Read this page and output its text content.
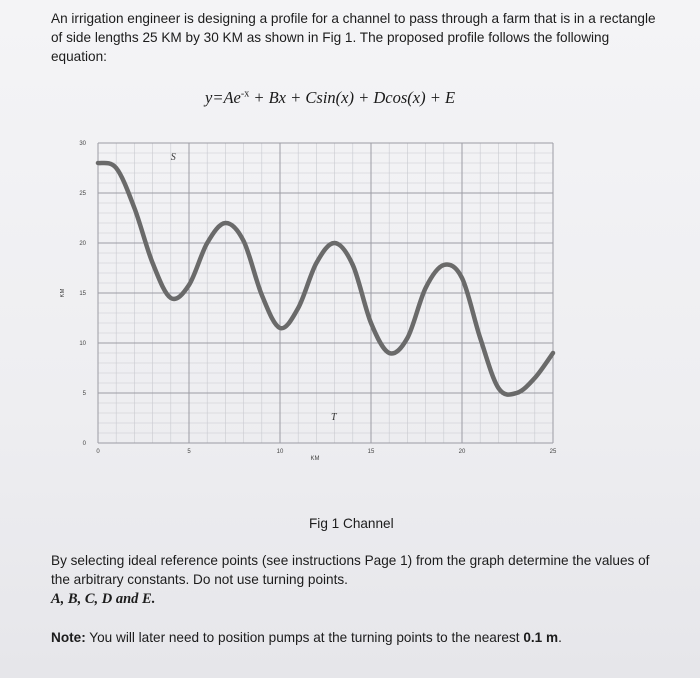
An irrigation engineer is designing a profile for a channel to pass through a farm that is in a rectangle of side lengths 25 KM by 30 KM as shown in Fig 1. The proposed profile follows the following equation:
$y=Ae^{-x} + Bx + Csin(x) + Dcos(x) + E$
0	5	10	15	20	25
0
5
10
15
20
25
30
KM
KM
S
T
Fig 1 Channel
By selecting ideal reference points (see instructions Page 1) from the graph determine the values of the arbitrary constants. Do not use turning points.
A, B, C, D and E.
Note: You will later need to position pumps at the turning points to the nearest 0.1 m.
